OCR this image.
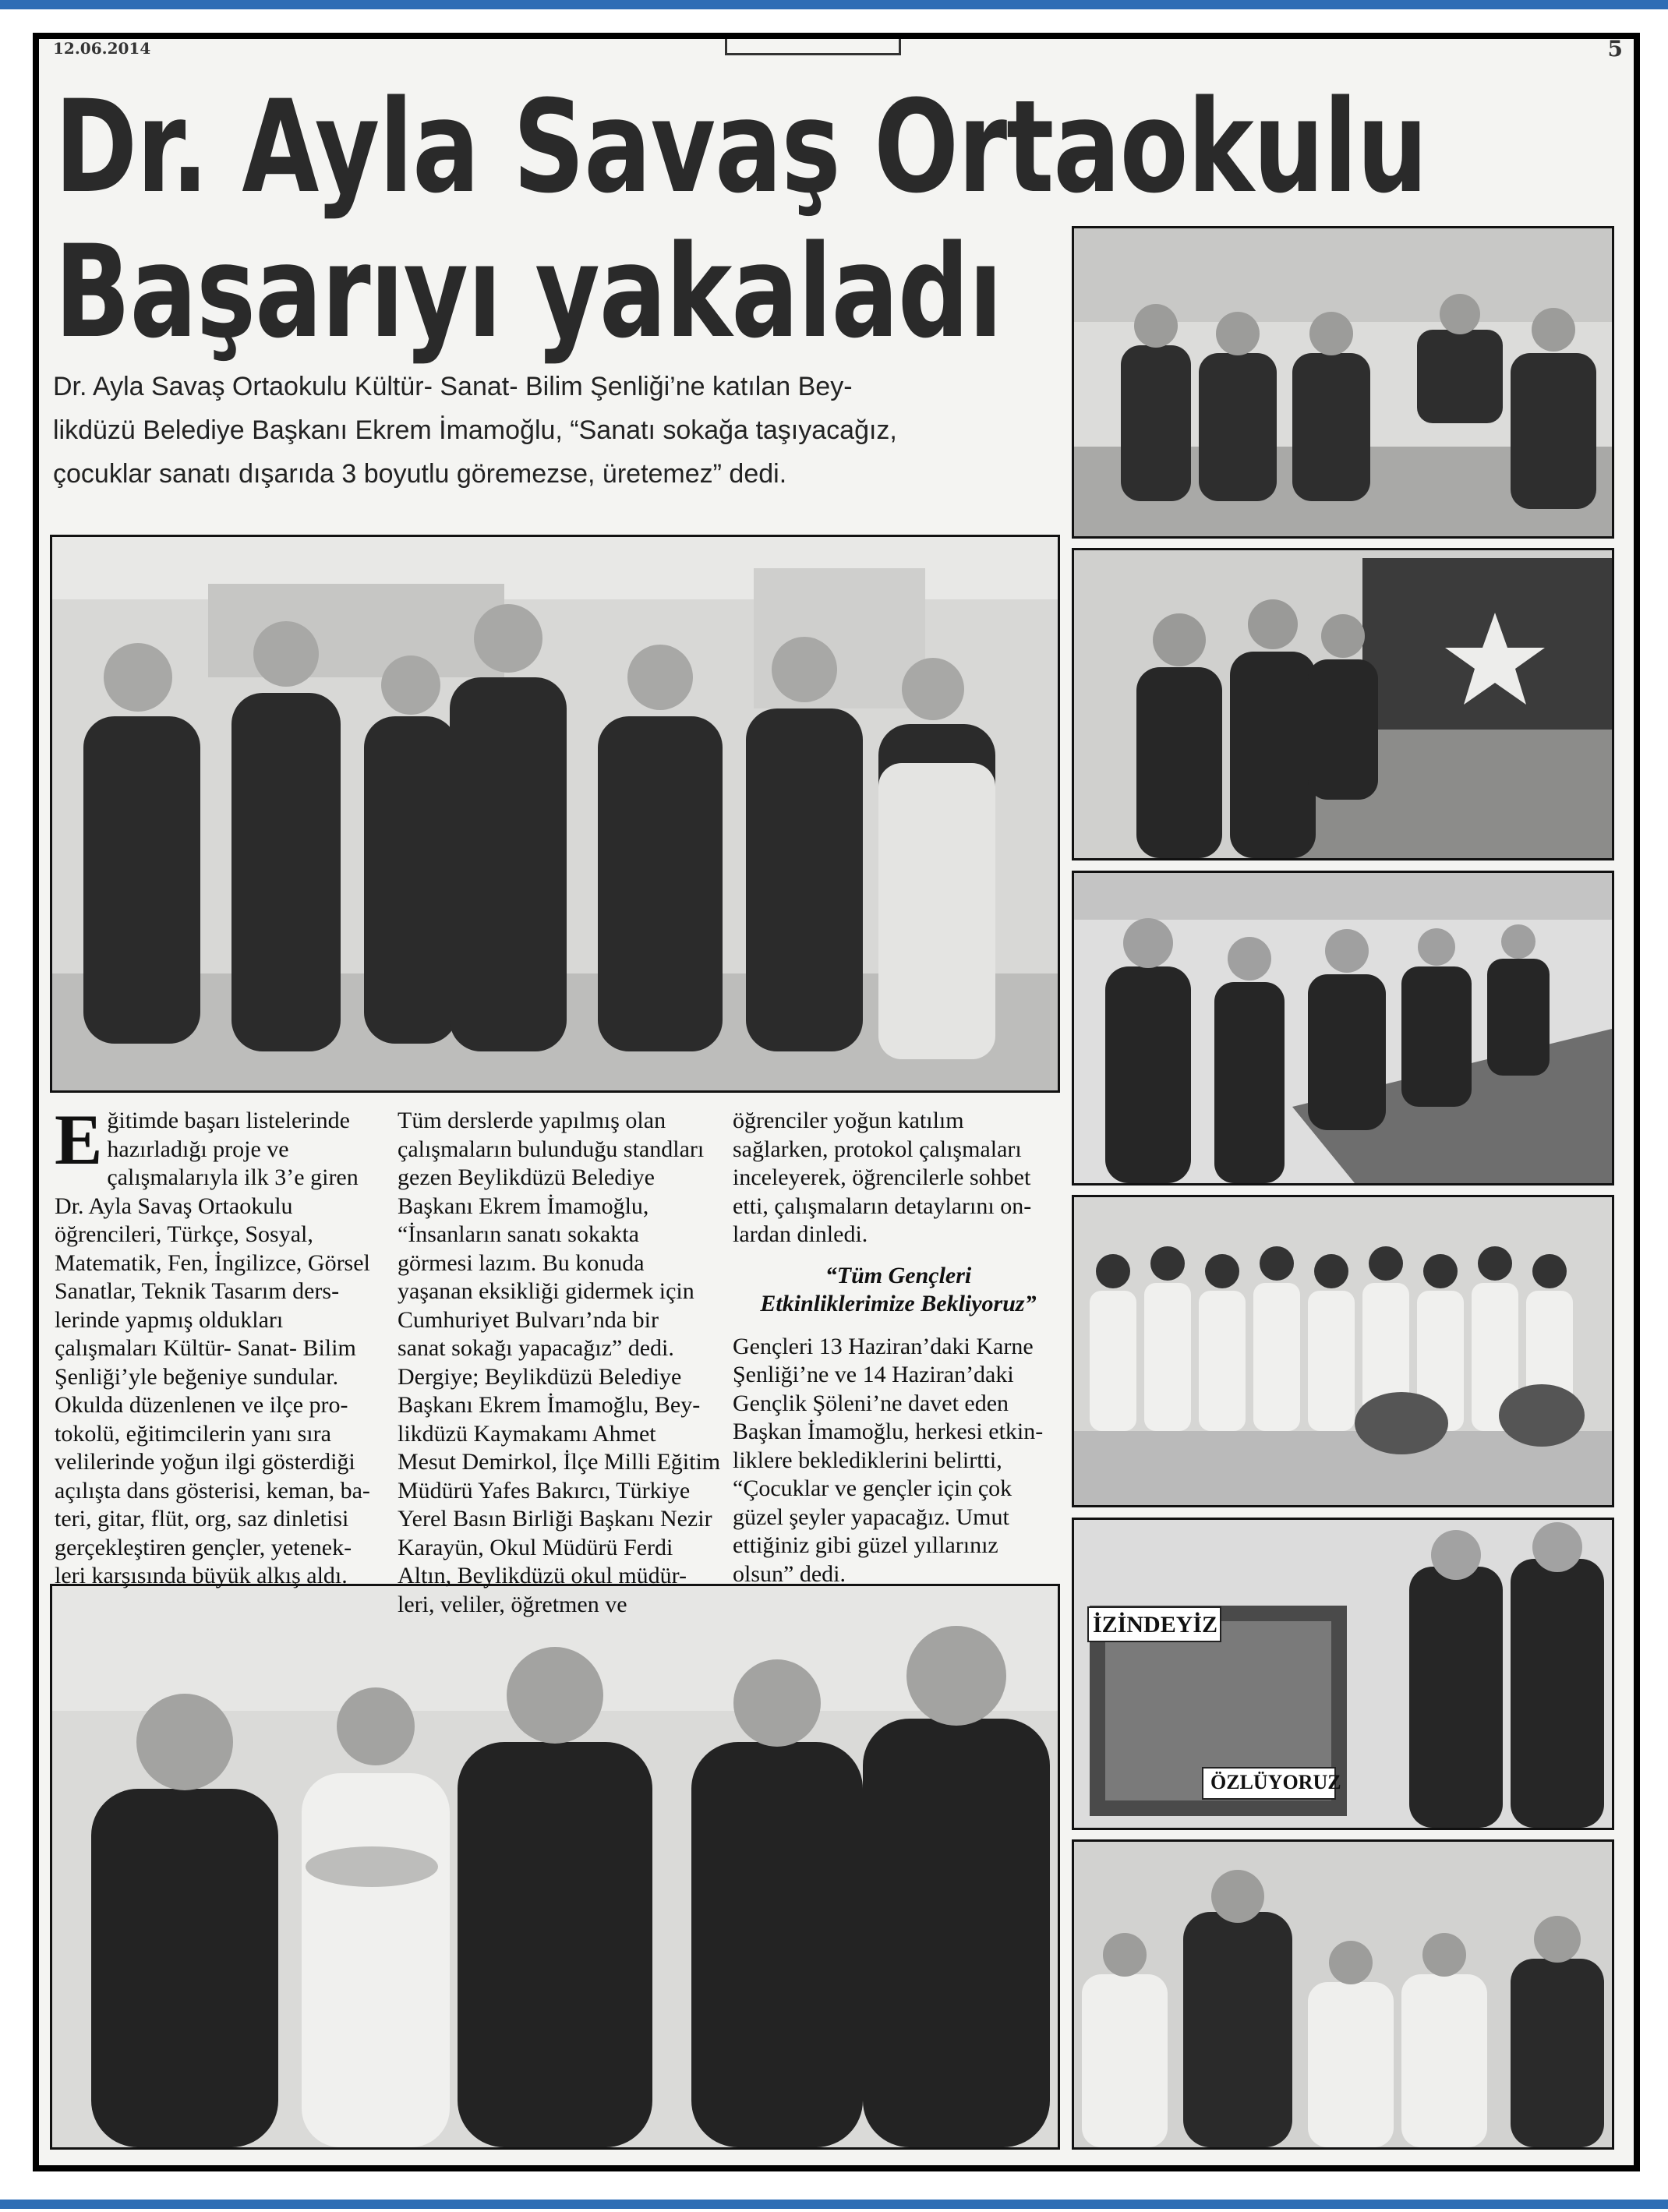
12.06.2014	5
Dr. Ayla Savaş Ortaokulu
Başarıyı yakaladı
Dr. Ayla Savaş Ortaokulu Kültür- Sanat- Bilim Şenliği’ne katılan Bey-
likdüzü Belediye Başkanı Ekrem İmamoğlu, “Sanatı sokağa taşıyacağız,
çocuklar sanatı dışarıda 3 boyutlu göremezse, üretemez” dedi.
İZİNDEYİZ
ÖZLÜYORUZ
E ğitimde başarı listelerinde

hazırladığı proje ve

çalışmalarıyla ilk 3’e giren

Dr. Ayla Savaş Ortaokulu

öğrencileri, Türkçe, Sosyal,

Matematik, Fen, İngilizce, Görsel

Sanatlar, Teknik Tasarım ders-

lerinde yapmış oldukları

çalışmaları Kültür- Sanat- Bilim

Şenliği’yle beğeniye sundular.

Okulda düzenlenen ve ilçe pro-

tokolü, eğitimcilerin yanı sıra

velilerinde yoğun ilgi gösterdiği

açılışta dans gösterisi, keman, ba-

teri, gitar, flüt, org, saz dinletisi

gerçekleştiren gençler, yetenek-

leri karşısında büyük alkış aldı.

Tüm derslerde yapılmış olan

çalışmaların bulunduğu standları

gezen Beylikdüzü Belediye

Başkanı Ekrem İmamoğlu,

“İnsanların sanatı sokakta

görmesi lazım. Bu konuda

yaşanan eksikliği gidermek için

Cumhuriyet Bulvarı’nda bir

sanat sokağı yapacağız” dedi.

Dergiye; Beylikdüzü Belediye

Başkanı Ekrem İmamoğlu, Bey-

likdüzü Kaymakamı Ahmet

Mesut Demirkol, İlçe Milli Eğitim

Müdürü Yafes Bakırcı, Türkiye

Yerel Basın Birliği Başkanı Nezir

Karayün, Okul Müdürü Ferdi

Altın, Beylikdüzü okul müdür-

leri, veliler, öğretmen ve

öğrenciler yoğun katılım

sağlarken, protokol çalışmaları

inceleyerek, öğrencilerle sohbet

etti, çalışmaların detaylarını on-

lardan dinledi.

“Tüm Gençleri
Etkinliklerimize Bekliyoruz”

Gençleri 13 Haziran’daki Karne

Şenliği’ne ve 14 Haziran’daki

Gençlik Şöleni’ne davet eden

Başkan İmamoğlu, herkesi etkin-

liklere beklediklerini belirtti,

“Çocuklar ve gençler için çok

güzel şeyler yapacağız. Umut

ettiğiniz gibi güzel yıllarınız

olsun” dedi.
